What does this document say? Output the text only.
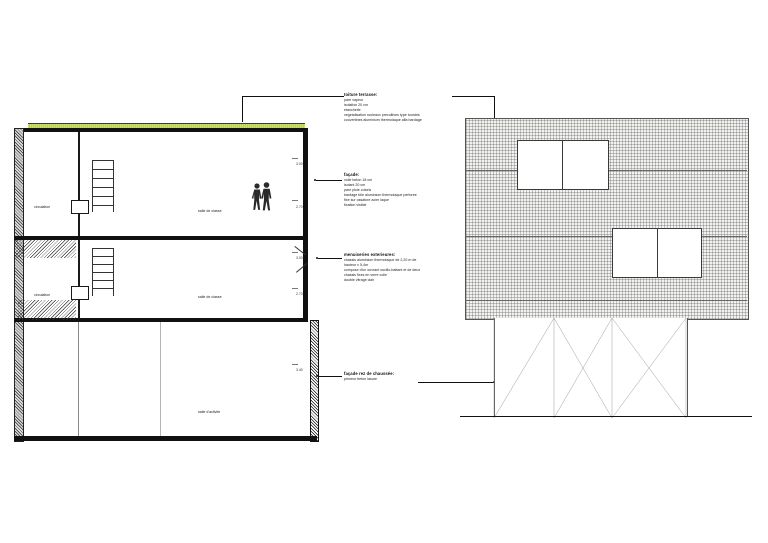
circulation
salle de classe
circulation	salle de classe
salle d'activite
3.00
2.70
3.00
2.70
3.40
toiture terrasse:
pare vapeur
isolation 20 cm
etancheite
vegetalisation rouleaux precultives type tourdris
couvertines aluminium thermolaque alfa bardage
façade:
voile beton 18 cm
isolant 20 cm
pare pluie coloris
bardage tôle aluminium thermolaque perforee
fixe sur ossature acier laque
fixation visible
menuiseries exterieures:
chassis aluminium thermolaque de 2,20 m de
hauteur x 5,4m
compose d'un ouvrant oscillo-battant et de deux
chassis fixes en verre colle
double vitrage clair
façade rez de chaussée:
primeur beton lasure
